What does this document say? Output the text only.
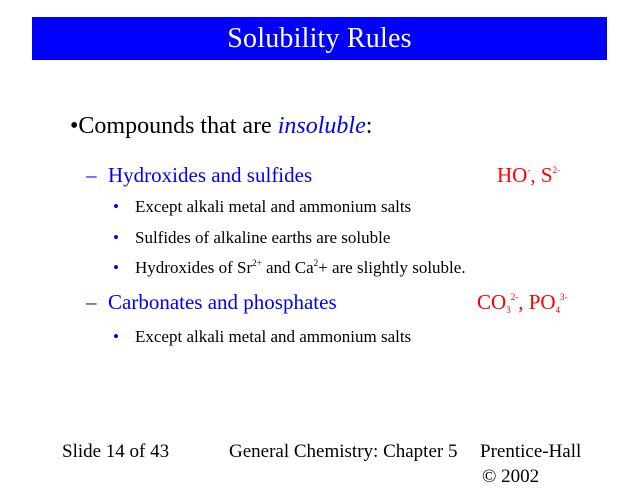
Solubility Rules
•Compounds that are insoluble:
– Hydroxides and sulfides	HO-, $S^{2-}$
• Except alkali metal and ammonium salts
• Sulfides of alkaline earths are soluble
• Hydroxides of $Sr^{2+}$ and $Ca^2+$ are slightly soluble.
– Carbonates and phosphates	$CO_3^{2-}$, $PO_4^{3-}$
• Except alkali metal and ammonium salts
Slide 14 of 43	General Chemistry: Chapter 5 Prentice-Hall
© 2002
